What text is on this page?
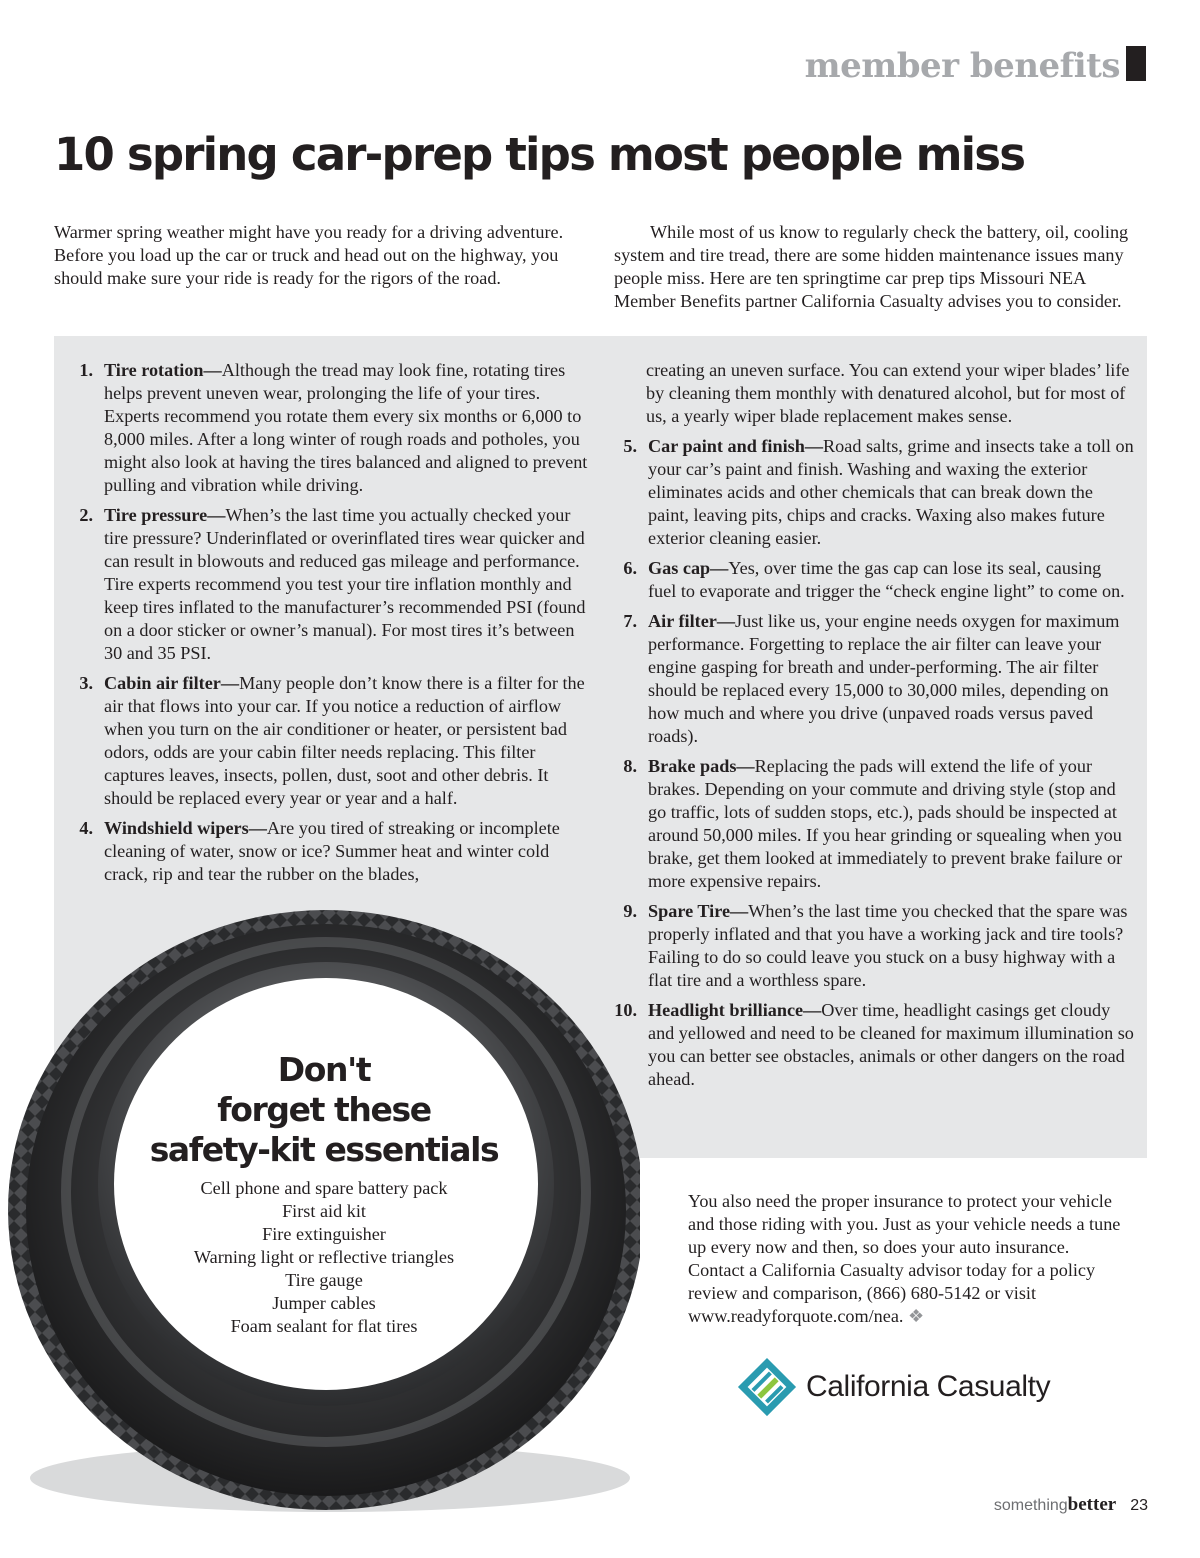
member benefits
10 spring car-prep tips most people miss

Warmer spring weather might have you ready for a driving adventure. Before you load up the car or truck and head out on the highway, you should make sure your ride is ready for the rigors of the road.

While most of us know to regularly check the battery, oil, cooling system and tire tread, there are some hidden maintenance issues many people miss. Here are ten springtime car prep tips Missouri NEA Member Benefits partner California Casualty advises you to consider.

1. Tire rotation—Although the tread may look fine, rotating tires helps prevent uneven wear, prolonging the life of your tires. Experts recommend you rotate them every six months or 6,000 to 8,000 miles. After a long winter of rough roads and potholes, you might also look at having the tires balanced and aligned to prevent pulling and vibration while driving.
2. Tire pressure—When’s the last time you actually checked your tire pressure? Underinflated or overinflated tires wear quicker and can result in blowouts and reduced gas mileage and performance. Tire experts recommend you test your tire inflation monthly and keep tires inflated to the manufacturer’s recommended PSI (found on a door sticker or owner’s manual). For most tires it’s between 30 and 35 PSI.
3. Cabin air filter—Many people don’t know there is a filter for the air that flows into your car. If you notice a reduction of airflow when you turn on the air conditioner or heater, or persistent bad odors, odds are your cabin filter needs replacing. This filter captures leaves, insects, pollen, dust, soot and other debris. It should be replaced every year or year and a half.
4. Windshield wipers—Are you tired of streaking or incomplete cleaning of water, snow or ice? Summer heat and winter cold crack, rip and tear the rubber on the blades,
creating an uneven surface. You can extend your wiper blades’ life by cleaning them monthly with denatured alcohol, but for most of us, a yearly wiper blade replacement makes sense.
5. Car paint and finish—Road salts, grime and insects take a toll on your car’s paint and finish. Washing and waxing the exterior eliminates acids and other chemicals that can break down the paint, leaving pits, chips and cracks. Waxing also makes future exterior cleaning easier.
6. Gas cap—Yes, over time the gas cap can lose its seal, causing fuel to evaporate and trigger the “check engine light” to come on.
7. Air filter—Just like us, your engine needs oxygen for maximum performance. Forgetting to replace the air filter can leave your engine gasping for breath and under-performing. The air filter should be replaced every 15,000 to 30,000 miles, depending on how much and where you drive (unpaved roads versus paved roads).
8. Brake pads—Replacing the pads will extend the life of your brakes. Depending on your commute and driving style (stop and go traffic, lots of sudden stops, etc.), pads should be inspected at around 50,000 miles. If you hear grinding or squealing when you brake, get them looked at immediately to prevent brake failure or more expensive repairs.
9. Spare Tire—When’s the last time you checked that the spare was properly inflated and that you have a working jack and tire tools? Failing to do so could leave you stuck on a busy highway with a flat tire and a worthless spare.
10. Headlight brilliance—Over time, headlight casings get cloudy and yellowed and need to be cleaned for maximum illumination so you can better see obstacles, animals or other dangers on the road ahead.
Don't
forget these
safety-kit essentials
Cell phone and spare battery pack
First aid kit
Fire extinguisher
Warning light or reflective triangles
Tire gauge
Jumper cables
Foam sealant for flat tires

You also need the proper insurance to protect your vehicle and those riding with you. Just as your vehicle needs a tune up every now and then, so does your auto insurance. Contact a California Casualty advisor today for a policy review and comparison, (866) 680-5142 or visit www.readyforquote.com/nea. ❖

California Casualty
somethingbetter 23
